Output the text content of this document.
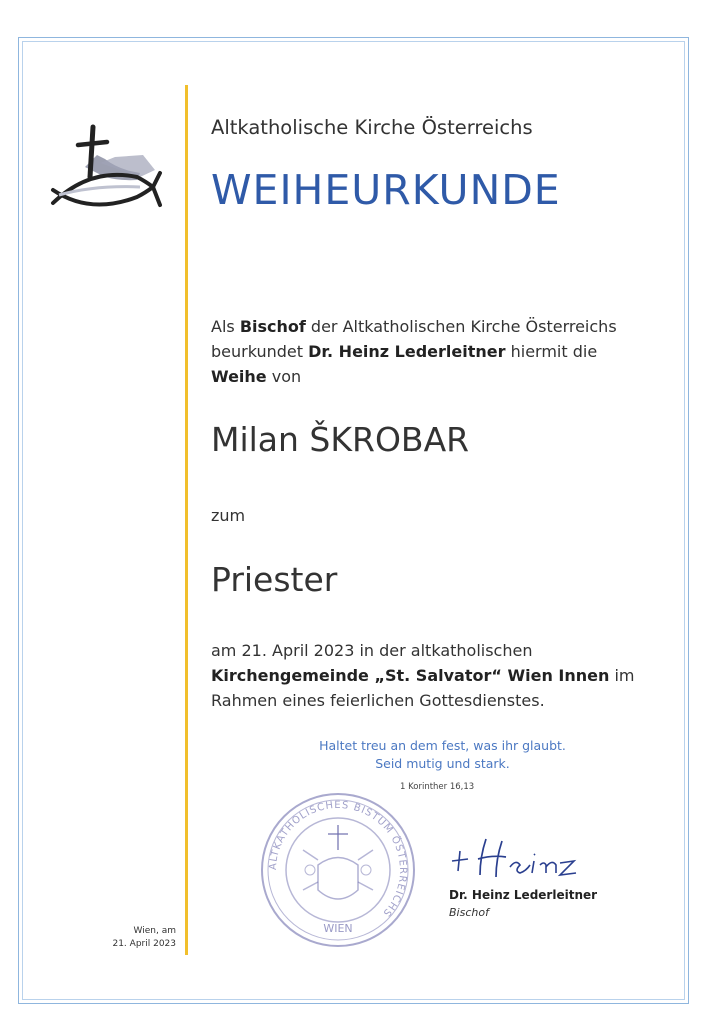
Altkatholische Kirche Österreichs
WEIHEURKUNDE
Als Bischof der Altkatholischen Kirche Österreichs
beurkundet Dr. Heinz Lederleitner hiermit die
Weihe von
Milan ŠKROBAR
zum
Priester
am 21. April 2023 in der altkatholischen
Kirchengemeinde „St. Salvator“ Wien Innen im
Rahmen eines feierlichen Gottesdienstes.
Haltet treu an dem fest, was ihr glaubt.
Seid mutig und stark.
1 Korinther 16,13
ALTKATHOLISCHES BISTUM ÖSTERREICHS
WIEN
Dr. Heinz Lederleitner
Bischof
Wien, am
21. April 2023
